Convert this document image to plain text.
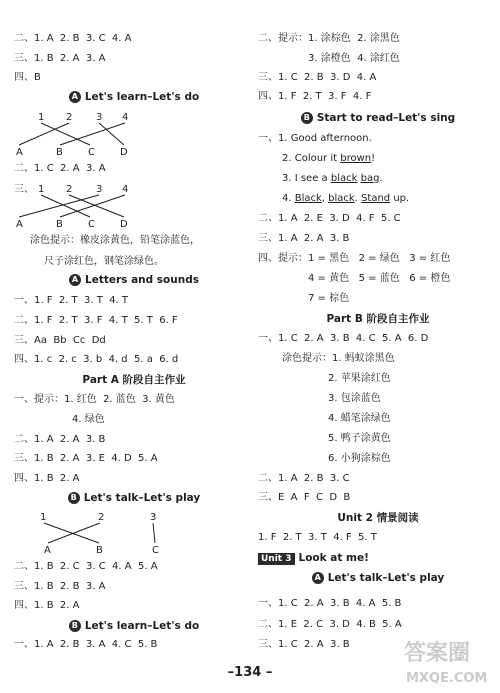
二、1. A  2. B  3. C  4. A
三、1. B  2. A  3. A
四、B
A Let's learn–Let's do
1 2 3 4
A	B	C	D
二、1. C  2. A  3. A
三、 1 2 3 4
A	B	C	D
涂色提示：橡皮涂黄色，铅笔涂蓝色，
尺子涂红色，钢笔涂绿色。
A Letters and sounds
一、1. F  2. T  3. T  4. T
二、1. F  2. T  3. F  4. T  5. T  6. F
三、Aa  Bb  Cc  Dd
四、1. c  2. c  3. b  4. d  5. a  6. d
Part A 阶段自主作业
一、提示：1. 红色  2. 蓝色  3. 黄色
4. 绿色
二、1. A  2. A  3. B
三、1. B  2. A  3. E  4. D  5. A
四、1. B  2. A
B Let's talk–Let's play
1	2	3
A	B	C
二、1. B  2. C  3. C  4. A  5. A
三、1. B  2. B  3. A
四、1. B  2. A
B Let's learn–Let's do
一、1. A  2. B  3. A  4. C  5. B
二、提示：1. 涂棕色  2. 涂黑色
3. 涂橙色  4. 涂红色
三、1. C  2. B  3. D  4. A
四、1. F  2. T  3. F  4. F
B Start to read–Let's sing
一、1. Good afternoon.
2. Colour it brown!
3. I see a black bag.
4. Black, black. Stand up.
二、1. A  2. E  3. D  4. F  5. C
三、1. A  2. A  3. B
四、提示：1 = 黑色   2 = 绿色   3 = 红色
4 = 黄色   5 = 蓝色   6 = 橙色
7 = 棕色
Part B 阶段自主作业
一、1. C  2. A  3. B  4. C  5. A  6. D
涂色提示：1. 蚂蚁涂黑色
2. 苹果涂红色
3. 包涂蓝色
4. 蜡笔涂绿色
5. 鸭子涂黄色
6. 小狗涂棕色
二、1. A  2. B  3. C
三、E  A  F  C  D  B
Unit 2 情景阅读
1. F  2. T  3. T  4. F  5. T
Unit 3 Look at me!
A Let's talk–Let's play
一、1. C  2. A  3. B  4. A  5. B
二、1. E  2. C  3. D  4. B  5. A
三、1. C  2. A  3. B
–134 –
答案圈
MXQE.COM
